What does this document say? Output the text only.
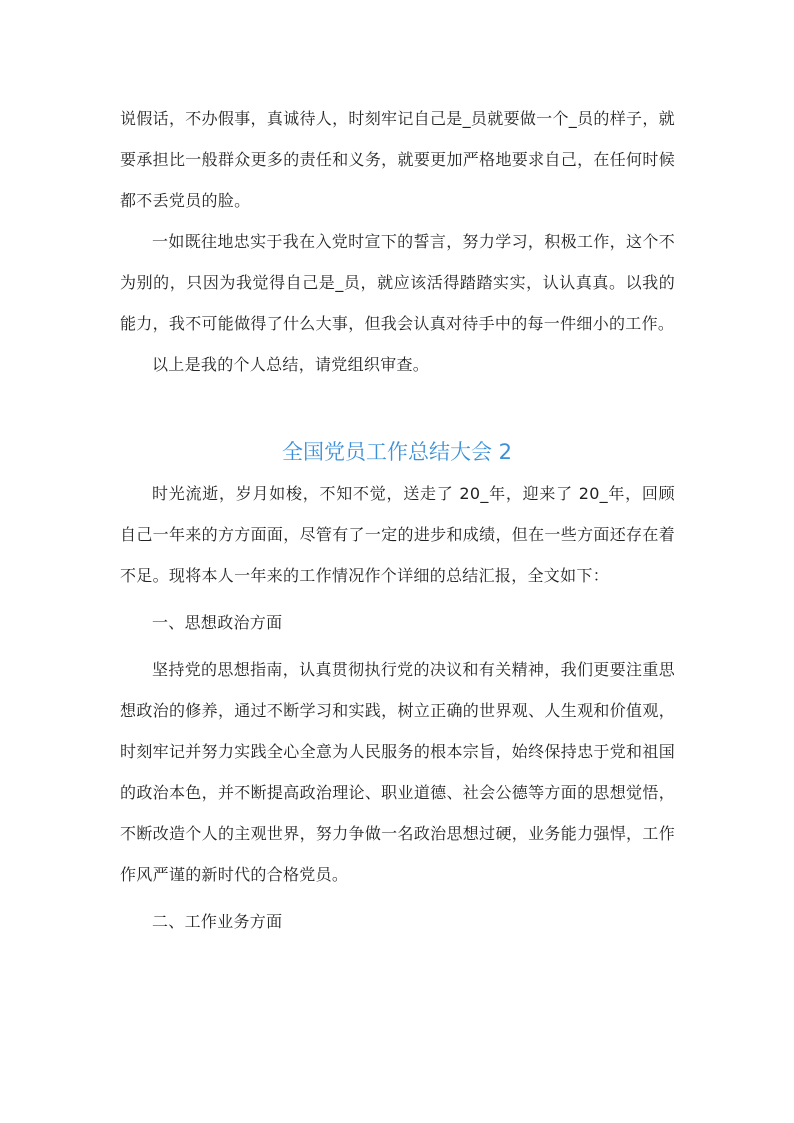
说假话，不办假事，真诚待人，时刻牢记自己是_员就要做一个_员的样子，就要承担比一般群众更多的责任和义务，就要更加严格地要求自己，在任何时候都不丢党员的脸。

一如既往地忠实于我在入党时宣下的誓言，努力学习，积极工作，这个不为别的，只因为我觉得自己是_员，就应该活得踏踏实实，认认真真。以我的能力，我不可能做得了什么大事，但我会认真对待手中的每一件细小的工作。

以上是我的个人总结，请党组织审查。

全国党员工作总结大会 2

时光流逝，岁月如梭，不知不觉，送走了 20_年，迎来了 20_年，回顾自己一年来的方方面面，尽管有了一定的进步和成绩，但在一些方面还存在着不足。现将本人一年来的工作情况作个详细的总结汇报，全文如下：

一、思想政治方面

坚持党的思想指南，认真贯彻执行党的决议和有关精神，我们更要注重思想政治的修养，通过不断学习和实践，树立正确的世界观、人生观和价值观，时刻牢记并努力实践全心全意为人民服务的根本宗旨，始终保持忠于党和祖国的政治本色，并不断提高政治理论、职业道德、社会公德等方面的思想觉悟，不断改造个人的主观世界，努力争做一名政治思想过硬，业务能力强悍，工作作风严谨的新时代的合格党员。

二、工作业务方面
